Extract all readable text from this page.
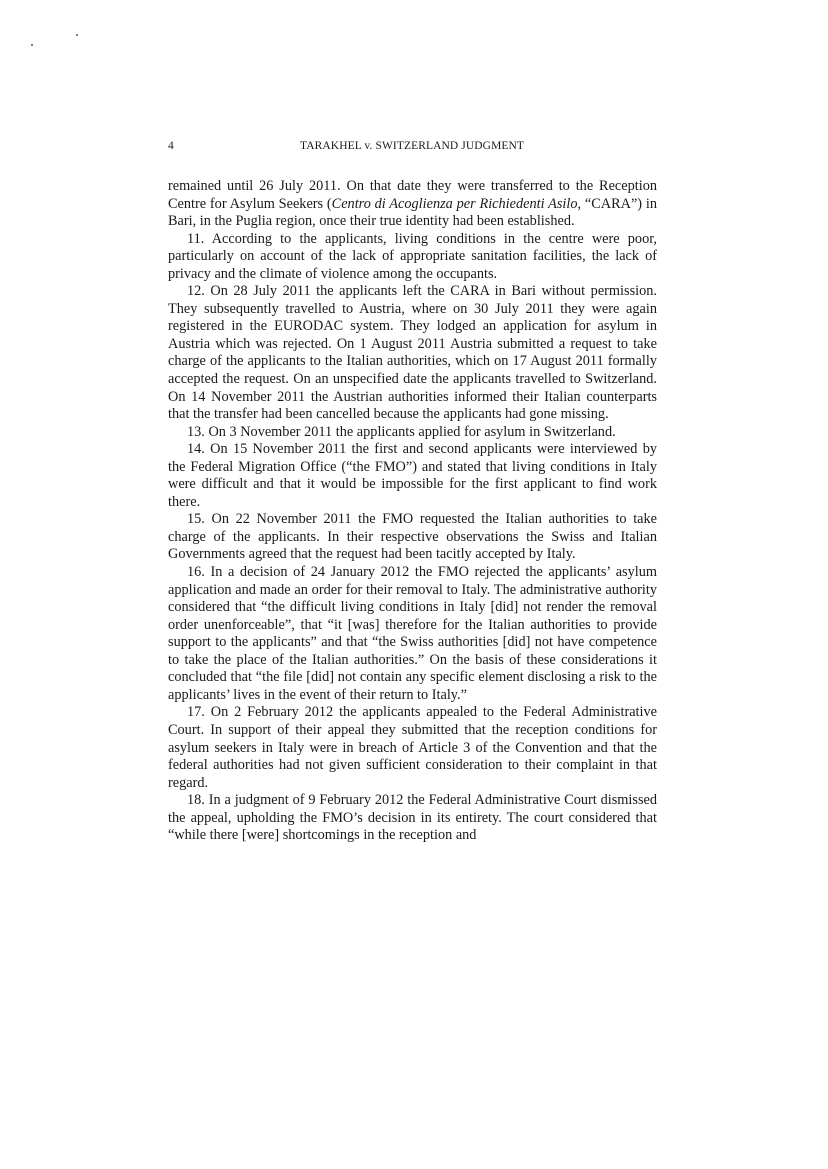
4	TARAKHEL v. SWITZERLAND JUDGMENT

remained until 26 July 2011. On that date they were transferred to the Reception Centre for Asylum Seekers (Centro di Acoglienza per Richiedenti Asilo, “CARA”) in Bari, in the Puglia region, once their true identity had been established.

11. According to the applicants, living conditions in the centre were poor, particularly on account of the lack of appropriate sanitation facilities, the lack of privacy and the climate of violence among the occupants.

12. On 28 July 2011 the applicants left the CARA in Bari without permission. They subsequently travelled to Austria, where on 30 July 2011 they were again registered in the EURODAC system. They lodged an application for asylum in Austria which was rejected. On 1 August 2011 Austria submitted a request to take charge of the applicants to the Italian authorities, which on 17 August 2011 formally accepted the request. On an unspecified date the applicants travelled to Switzerland. On 14 November 2011 the Austrian authorities informed their Italian counterparts that the transfer had been cancelled because the applicants had gone missing.

13. On 3 November 2011 the applicants applied for asylum in Switzerland.

14. On 15 November 2011 the first and second applicants were interviewed by the Federal Migration Office (“the FMO”) and stated that living conditions in Italy were difficult and that it would be impossible for the first applicant to find work there.

15. On 22 November 2011 the FMO requested the Italian authorities to take charge of the applicants. In their respective observations the Swiss and Italian Governments agreed that the request had been tacitly accepted by Italy.

16. In a decision of 24 January 2012 the FMO rejected the applicants’ asylum application and made an order for their removal to Italy. The administrative authority considered that “the difficult living conditions in Italy [did] not render the removal order unenforceable”, that “it [was] therefore for the Italian authorities to provide support to the applicants” and that “the Swiss authorities [did] not have competence to take the place of the Italian authorities.” On the basis of these considerations it concluded that “the file [did] not contain any specific element disclosing a risk to the applicants’ lives in the event of their return to Italy.”

17. On 2 February 2012 the applicants appealed to the Federal Administrative Court. In support of their appeal they submitted that the reception conditions for asylum seekers in Italy were in breach of Article 3 of the Convention and that the federal authorities had not given sufficient consideration to their complaint in that regard.

18. In a judgment of 9 February 2012 the Federal Administrative Court dismissed the appeal, upholding the FMO’s decision in its entirety. The court considered that “while there [were] shortcomings in the reception and
